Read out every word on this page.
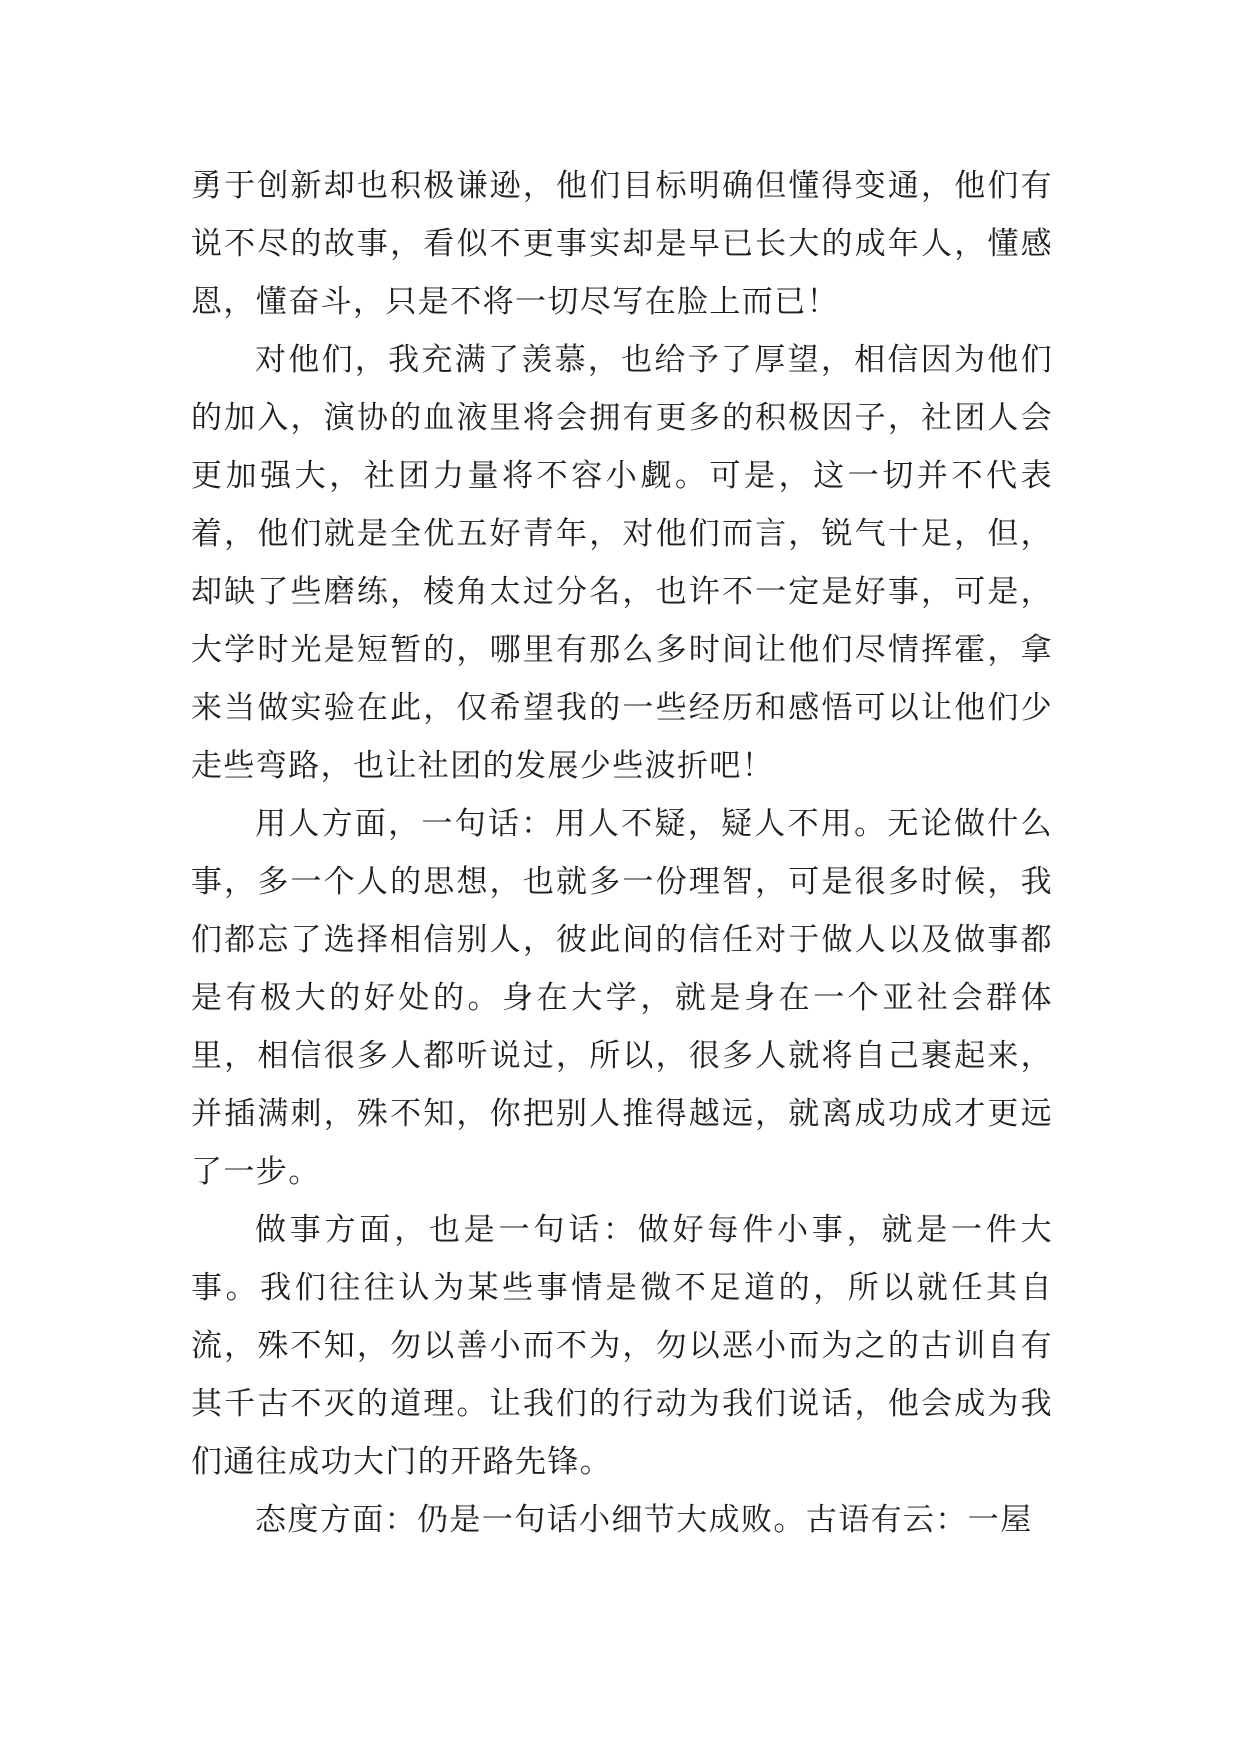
勇于创新却也积极谦逊，他们目标明确但懂得变通，他们有说不尽的故事，看似不更事实却是早已长大的成年人，懂感恩，懂奋斗，只是不将一切尽写在脸上而已！

对他们，我充满了羡慕，也给予了厚望，相信因为他们的加入，演协的血液里将会拥有更多的积极因子，社团人会更加强大，社团力量将不容小觑。可是，这一切并不代表着，他们就是全优五好青年，对他们而言，锐气十足，但，却缺了些磨练，棱角太过分名，也许不一定是好事，可是，大学时光是短暂的，哪里有那么多时间让他们尽情挥霍，拿来当做实验在此，仅希望我的一些经历和感悟可以让他们少走些弯路，也让社团的发展少些波折吧！

用人方面，一句话：用人不疑，疑人不用。无论做什么事，多一个人的思想，也就多一份理智，可是很多时候，我们都忘了选择相信别人，彼此间的信任对于做人以及做事都是有极大的好处的。身在大学，就是身在一个亚社会群体里，相信很多人都听说过，所以，很多人就将自己裹起来，并插满刺，殊不知，你把别人推得越远，就离成功成才更远了一步。

做事方面，也是一句话：做好每件小事，就是一件大事。我们往往认为某些事情是微不足道的，所以就任其自流，殊不知，勿以善小而不为，勿以恶小而为之的古训自有其千古不灭的道理。让我们的行动为我们说话，他会成为我们通往成功大门的开路先锋。

态度方面：仍是一句话小细节大成败。古语有云：一屋
